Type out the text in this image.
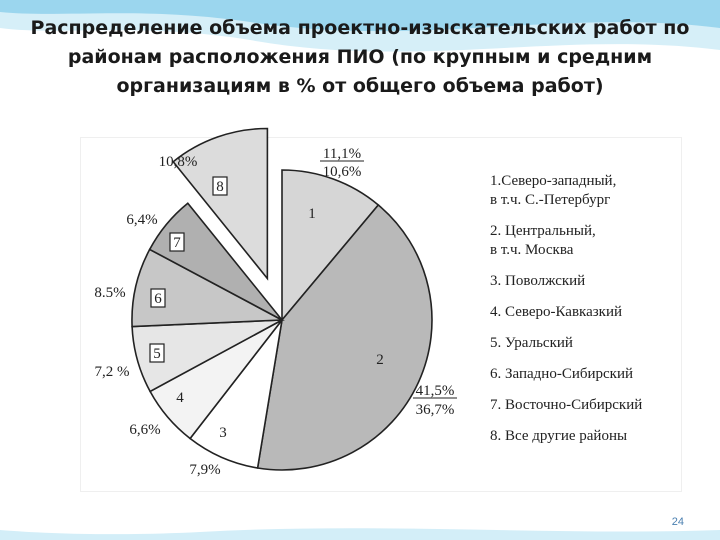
Распределение объема проектно-изыскательских работ по
районам расположения ПИО (по крупным и средним
организациям в % от общего объема работ)
1
11,1%
10,6%
2
41,5%
36,7%
3
7,9%
4
6,6%
5
7,2 %
6
8.5%
7
6,4%
8
10,8%
1.Северо-западный,
в т.ч. С.-Петербург
2. Центральный,
в т.ч. Москва
3. Поволжский
4. Северо-Кавказкий
5. Уральский
6. Западно-Сибирский
7. Восточно-Сибирский
8. Все другие районы
24
